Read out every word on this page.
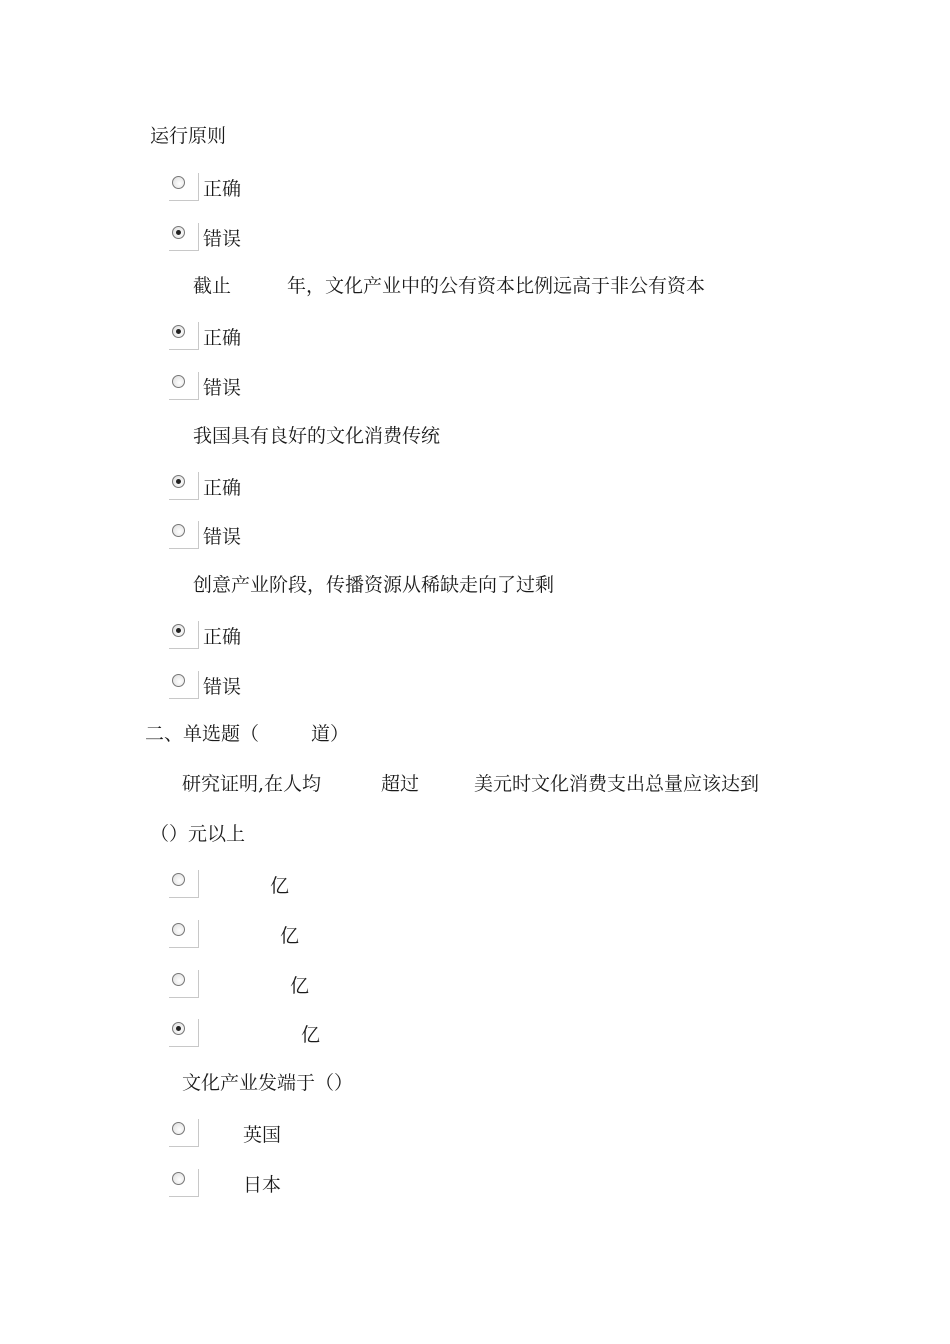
运行原则
正确
错误
截止	年，文化产业中的公有资本比例远高于非公有资本
正确
错误
我国具有良好的文化消费传统
正确
错误
创意产业阶段，传播资源从稀缺走向了过剩
正确
错误
二、单选题（	道）
研究证明,在人均	超过	美元时文化消费支出总量应该达到
（）元以上
亿
亿
亿
亿
文化产业发端于（）
英国
日本
